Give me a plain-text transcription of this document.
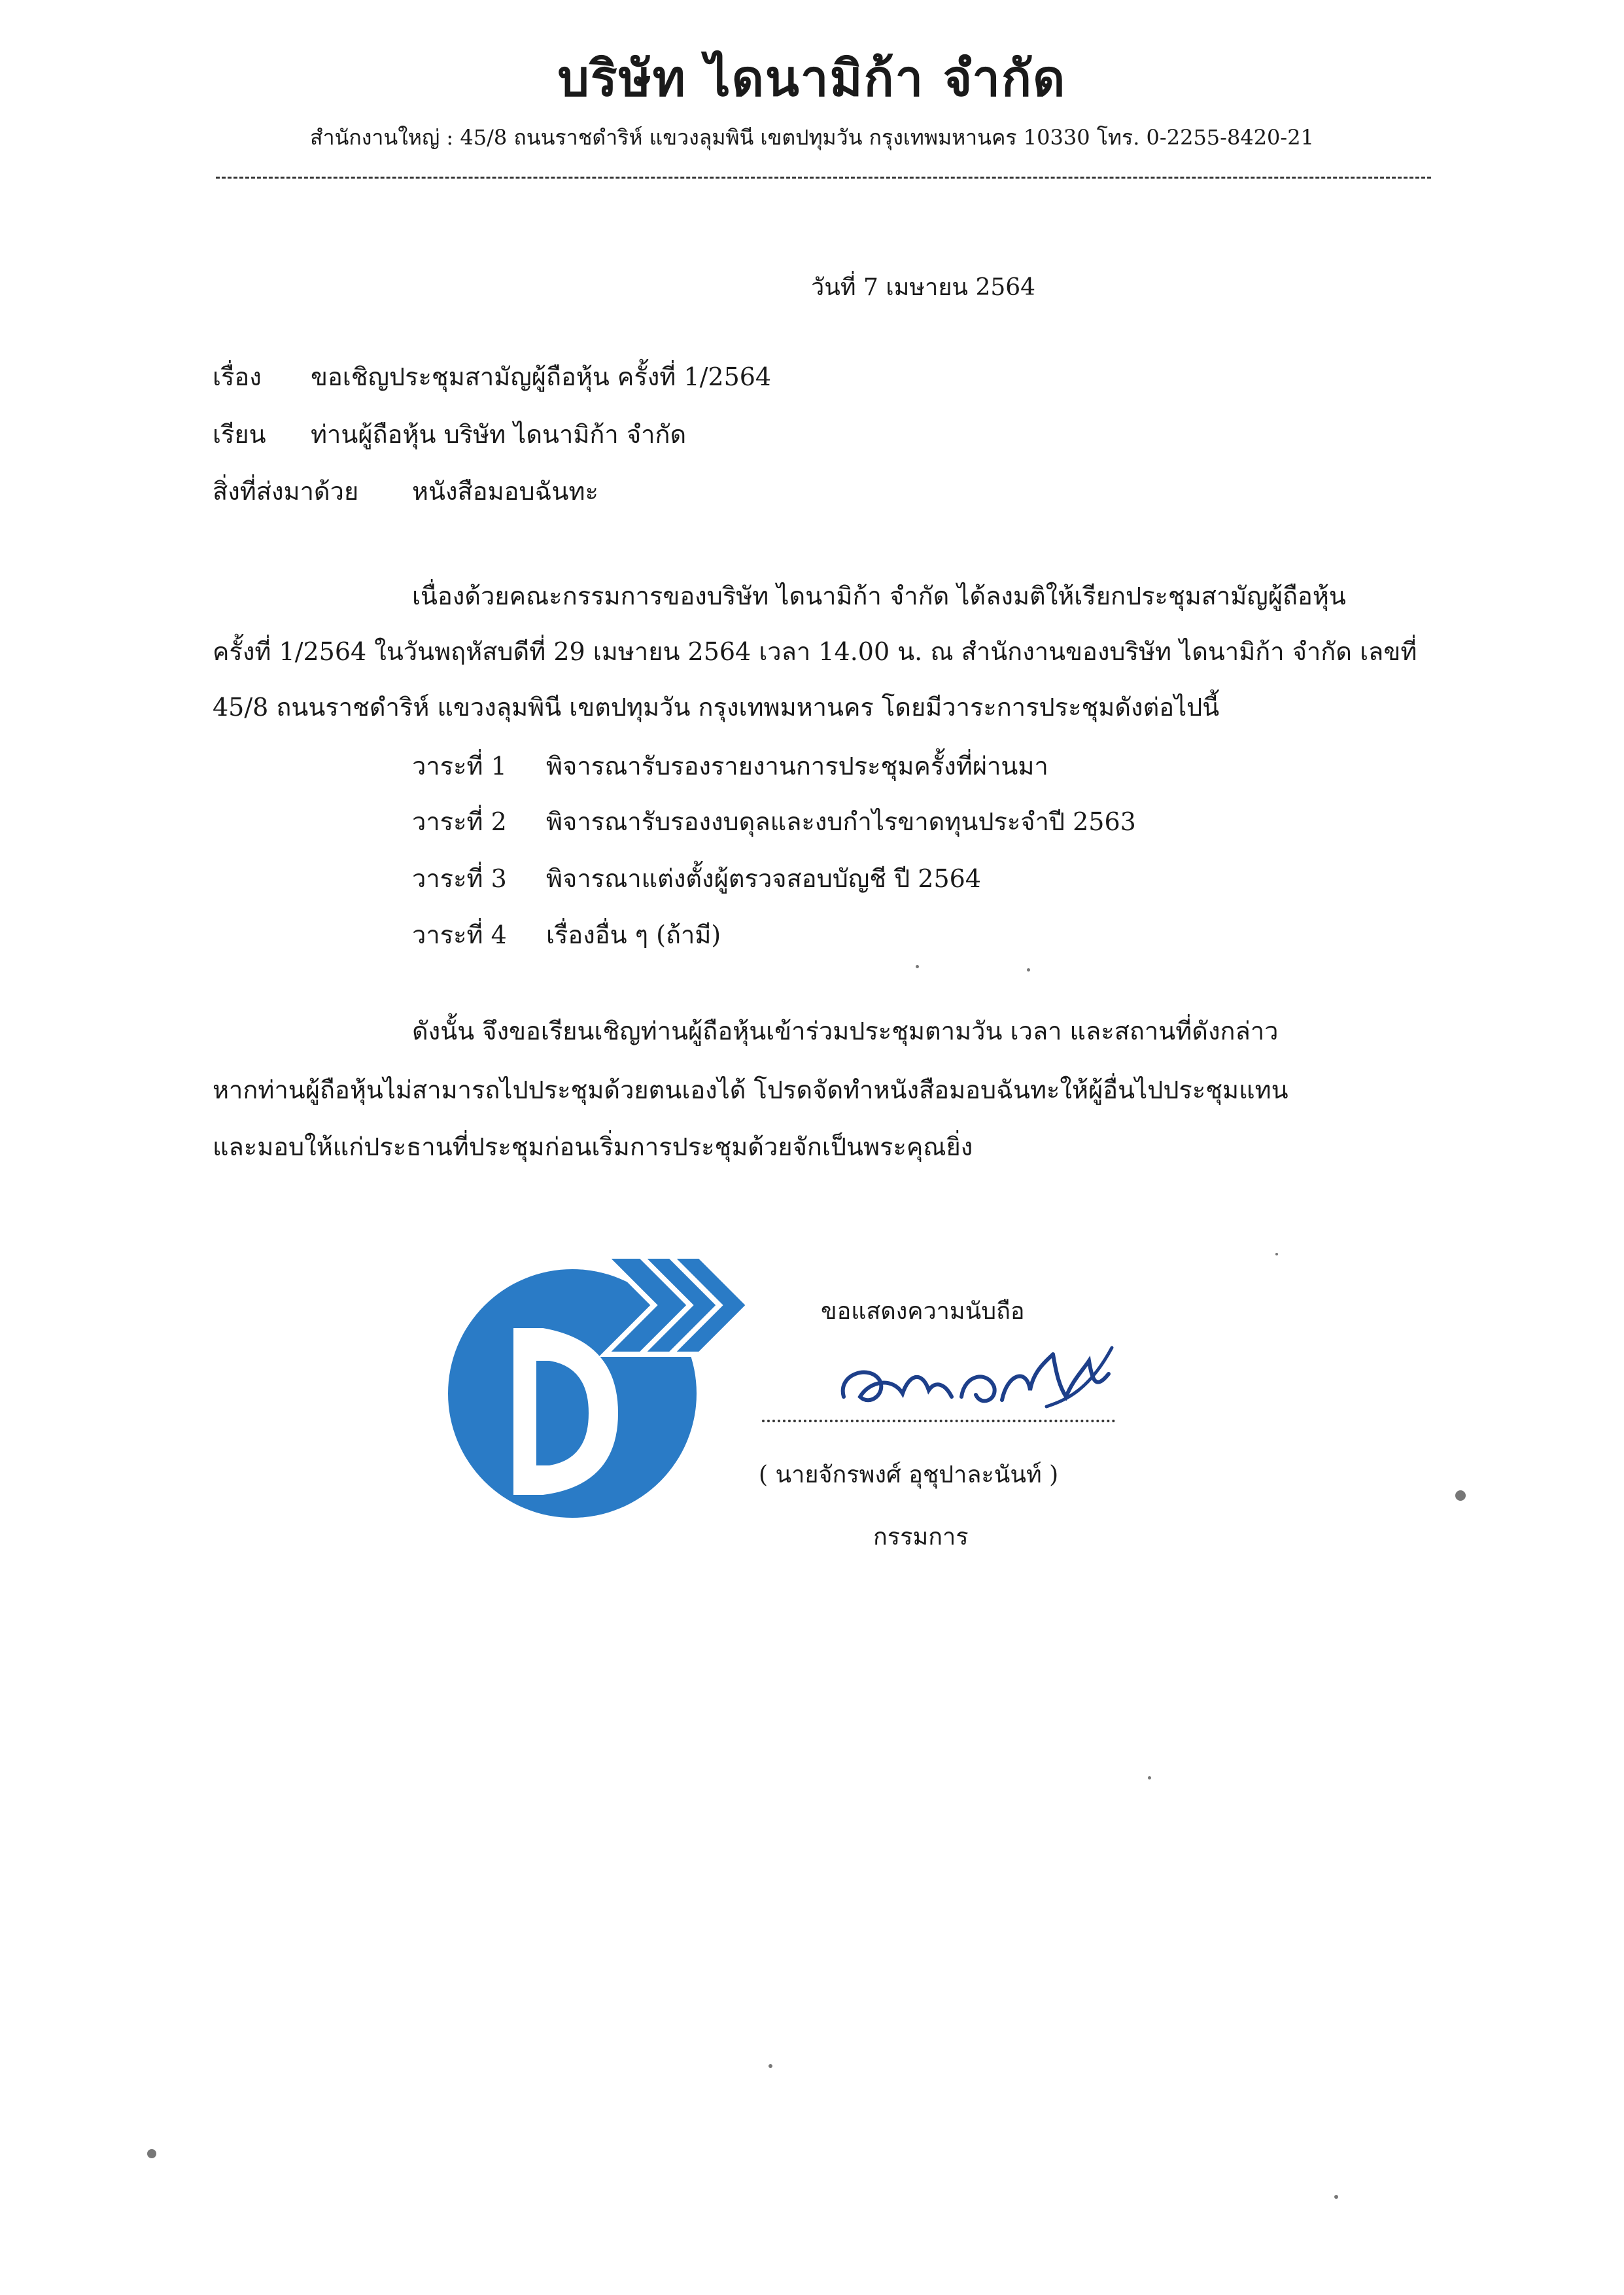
บริษัท ไดนามิก้า จำกัด
สำนักงานใหญ่ : 45/8 ถนนราชดำริห์ แขวงลุมพินี เขตปทุมวัน กรุงเทพมหานคร 10330 โทร. 0-2255-8420-21
วันที่ 7 เมษายน 2564
เรื่อง ขอเชิญประชุมสามัญผู้ถือหุ้น ครั้งที่ 1/2564
เรียน ท่านผู้ถือหุ้น บริษัท ไดนามิก้า จำกัด
สิ่งที่ส่งมาด้วย หนังสือมอบฉันทะ
เนื่องด้วยคณะกรรมการของบริษัท ไดนามิก้า จำกัด ได้ลงมติให้เรียกประชุมสามัญผู้ถือหุ้น
ครั้งที่ 1/2564 ในวันพฤหัสบดีที่ 29 เมษายน 2564 เวลา 14.00 น. ณ สำนักงานของบริษัท ไดนามิก้า จำกัด เลขที่
45/8 ถนนราชดำริห์ แขวงลุมพินี เขตปทุมวัน กรุงเทพมหานคร โดยมีวาระการประชุมดังต่อไปนี้
วาระที่ 1 พิจารณารับรองรายงานการประชุมครั้งที่ผ่านมา
วาระที่ 2 พิจารณารับรองงบดุลและงบกำไรขาดทุนประจำปี 2563
วาระที่ 3 พิจารณาแต่งตั้งผู้ตรวจสอบบัญชี ปี 2564
วาระที่ 4 เรื่องอื่น ๆ (ถ้ามี)
ดังนั้น จึงขอเรียนเชิญท่านผู้ถือหุ้นเข้าร่วมประชุมตามวัน เวลา และสถานที่ดังกล่าว
หากท่านผู้ถือหุ้นไม่สามารถไปประชุมด้วยตนเองได้ โปรดจัดทำหนังสือมอบฉันทะให้ผู้อื่นไปประชุมแทน
และมอบให้แก่ประธานที่ประชุมก่อนเริ่มการประชุมด้วยจักเป็นพระคุณยิ่ง
ขอแสดงความนับถือ
( นายจักรพงศ์ อุชุปาละนันท์ )
กรรมการ
